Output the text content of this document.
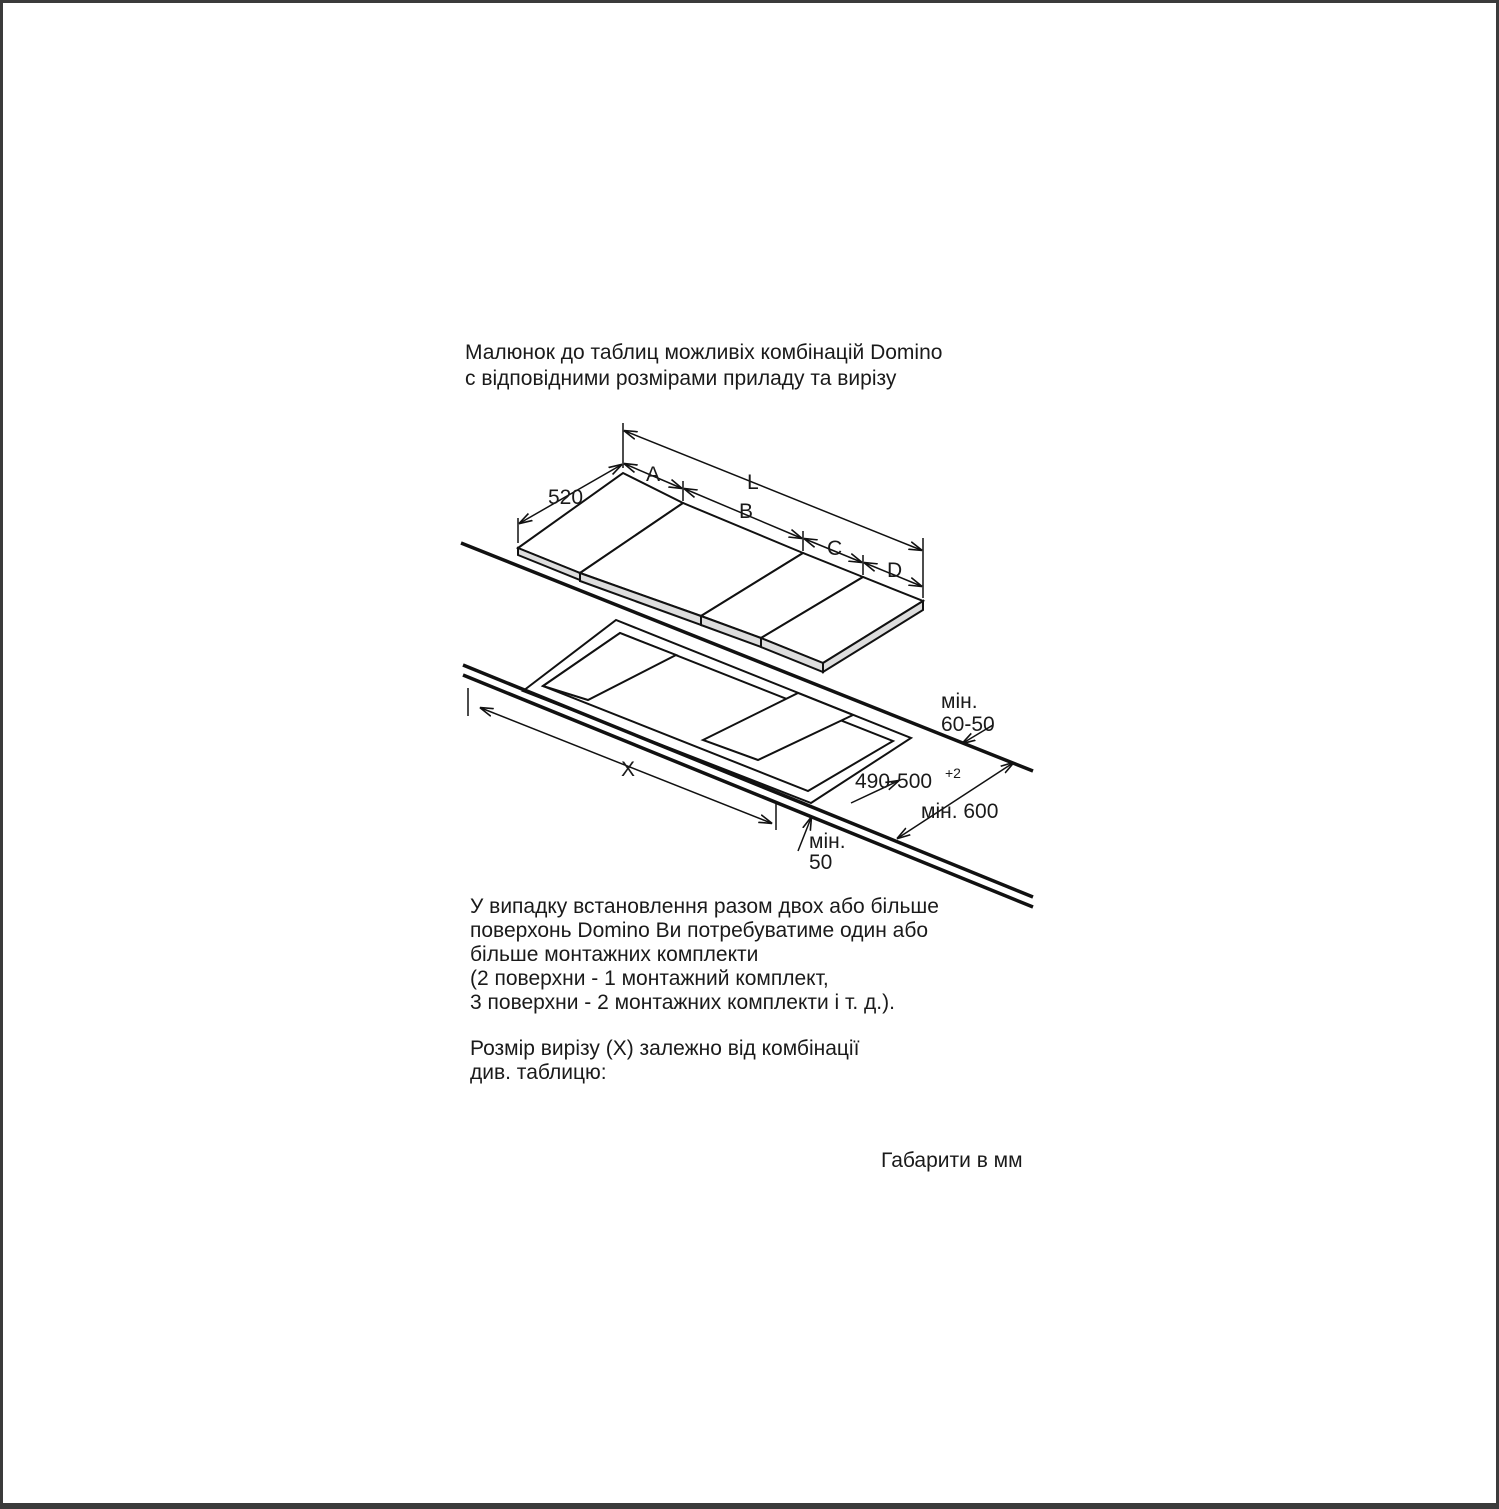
Малюнок до таблиц можливіх комбінацій Domino
с відповідними розмірами приладу та вирізу
520
A	L
B
C
D
мін.
60-50
X
490-500 +2
мін. 600
мін.
50
У випадку встановлення разом двох або більше
поверхонь Domino Ви потребуватиме один або
більше монтажних комплекти
(2 поверхни - 1 монтажний комплект,
3 поверхни - 2 монтажних комплекти і т. д.).
Розмір вирізу (X) залежно від комбінації
див. таблицю:
Габарити в мм
